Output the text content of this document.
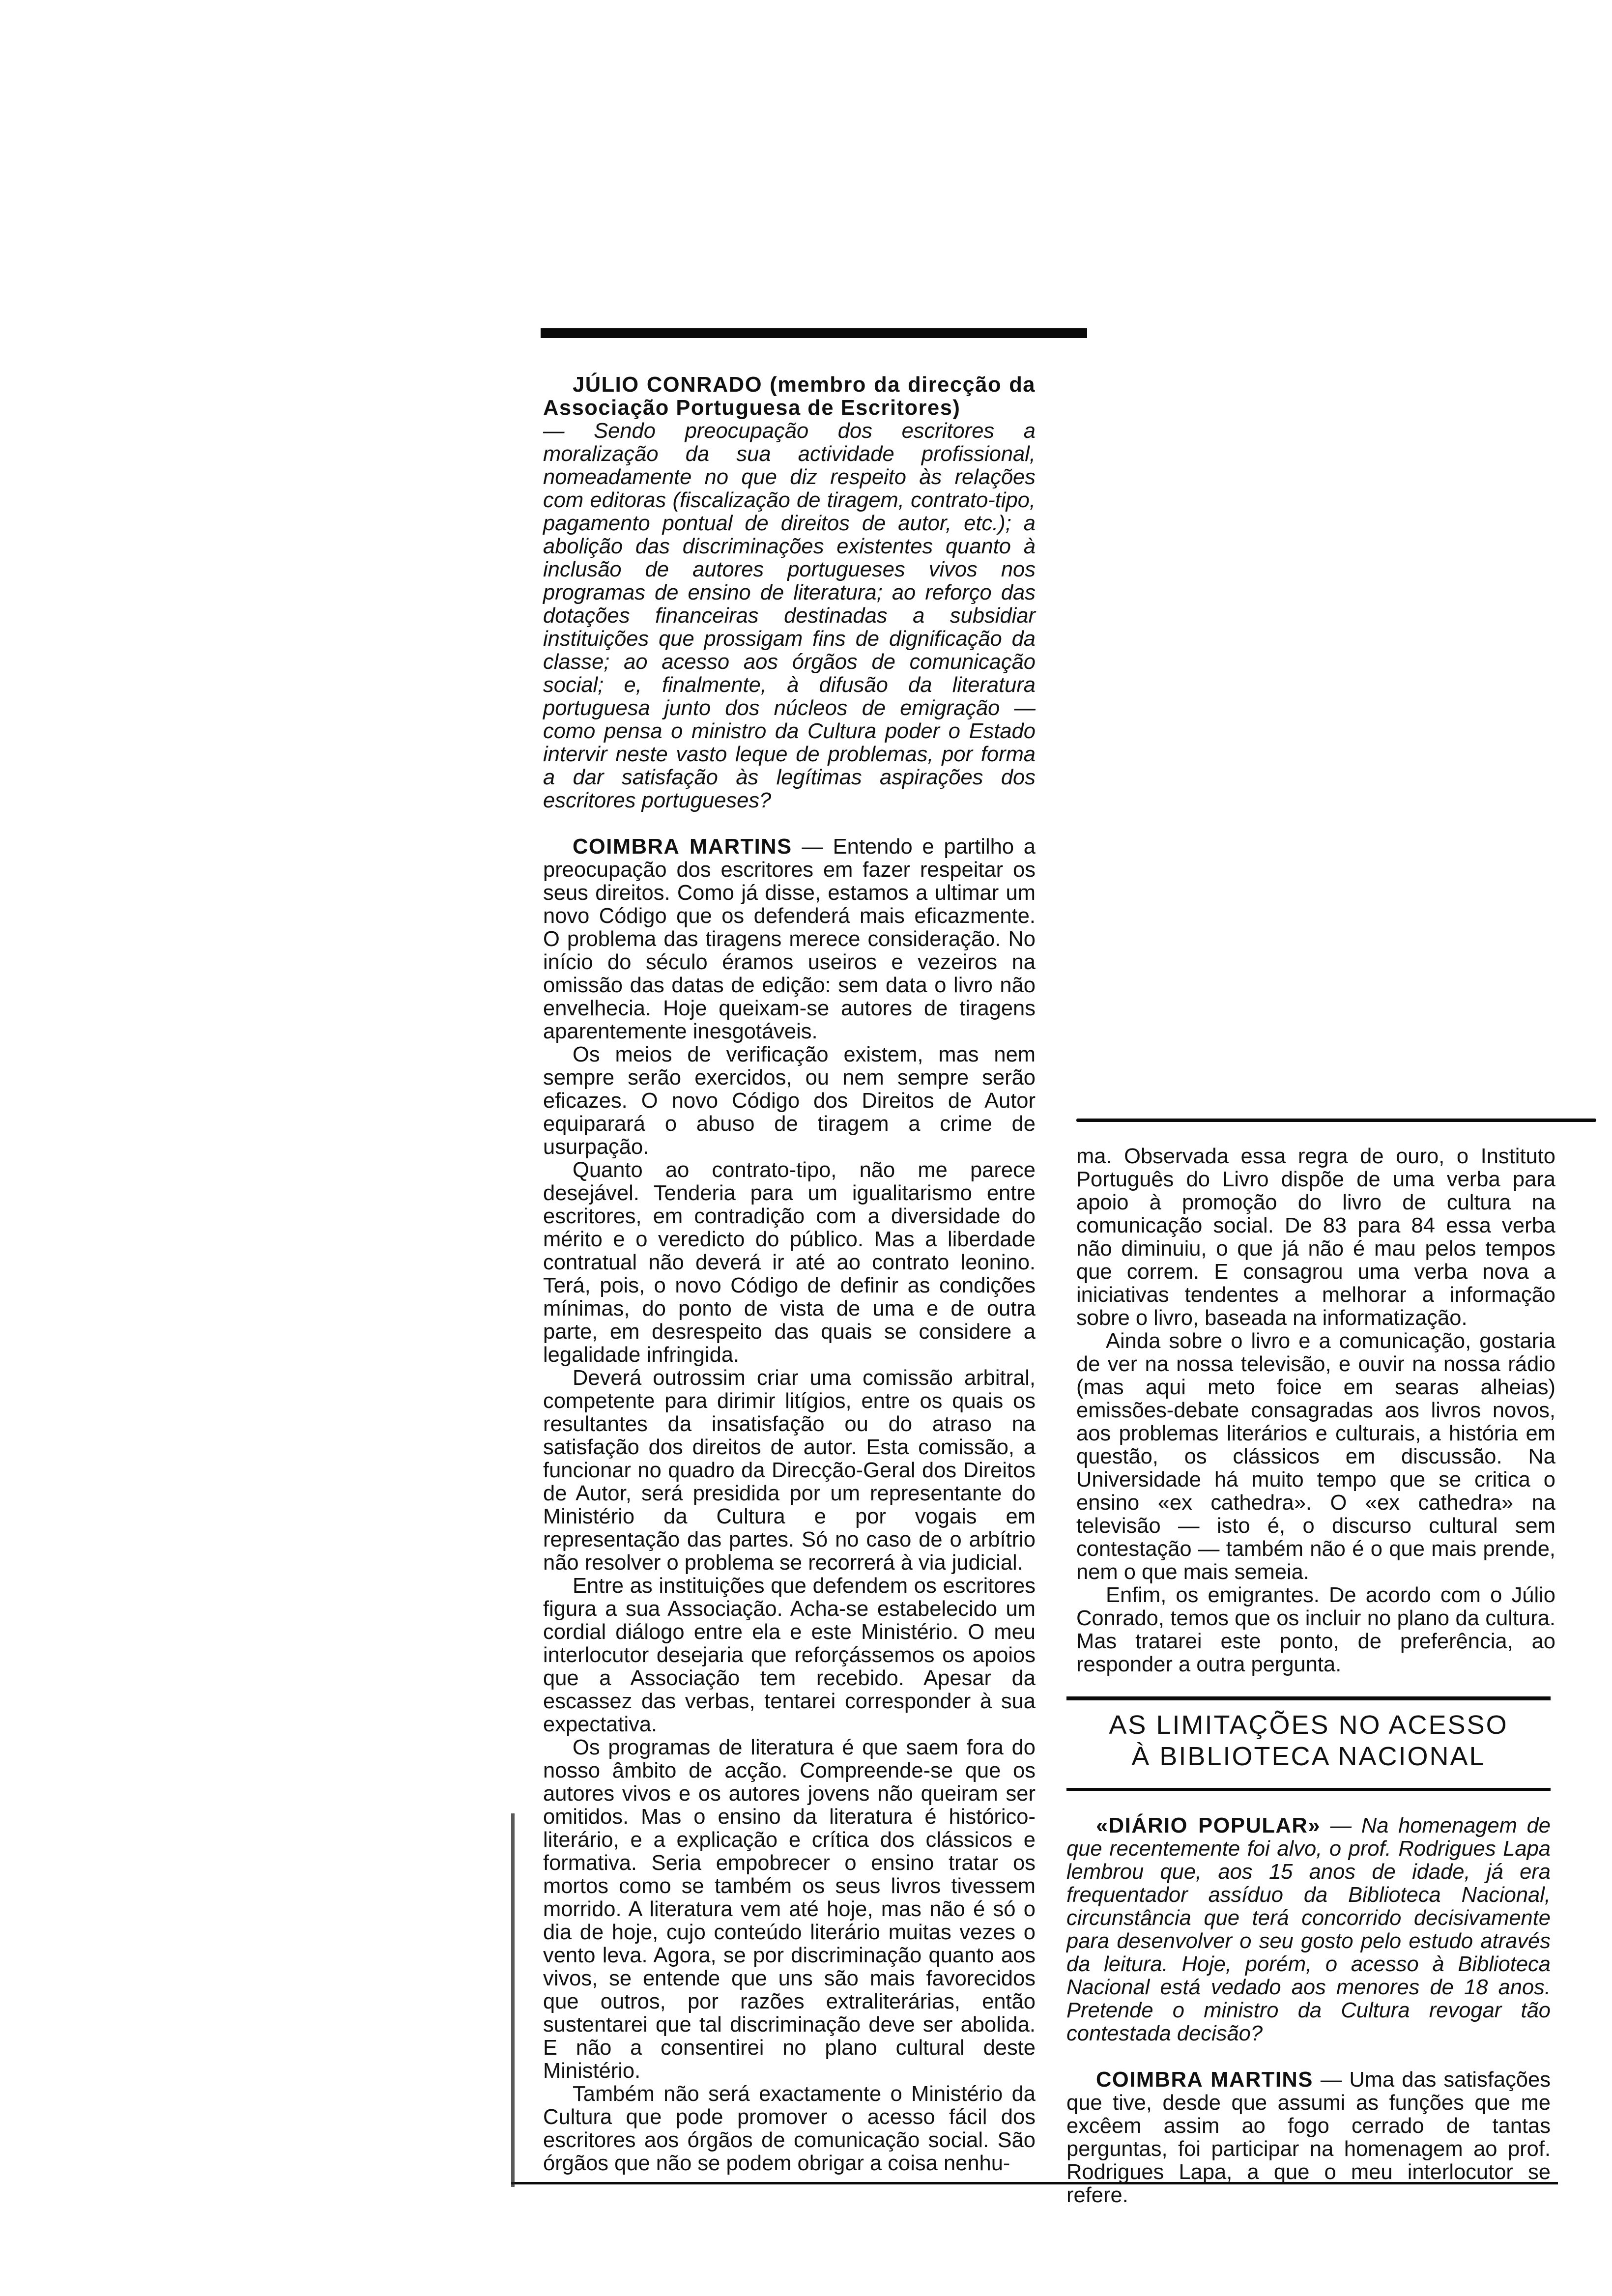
JÚLIO CONRADO (membro da direcção da Associação Portuguesa de Escritores)

— Sendo preocupação dos escritores a moralização da sua actividade profissional, nomeadamente no que diz respeito às relações com editoras (fiscalização de tiragem, contrato-tipo, pagamento pontual de direitos de autor, etc.); a abolição das discriminações existentes quanto à inclusão de autores portugueses vivos nos programas de ensino de literatura; ao reforço das dotações financeiras destinadas a subsidiar instituições que prossigam fins de dignificação da classe; ao acesso aos órgãos de comunicação social; e, finalmente, à difusão da literatura portuguesa junto dos núcleos de emigração — como pensa o ministro da Cultura poder o Estado intervir neste vasto leque de problemas, por forma a dar satisfação às legítimas aspirações dos escritores portugueses?

COIMBRA MARTINS — Entendo e partilho a preocupação dos escritores em fazer respeitar os seus direitos. Como já disse, estamos a ultimar um novo Código que os defenderá mais eficazmente. O problema das tiragens merece consideração. No início do século éramos useiros e vezeiros na omissão das datas de edição: sem data o livro não envelhecia. Hoje queixam-se autores de tiragens aparentemente inesgotáveis.

Os meios de verificação existem, mas nem sempre serão exercidos, ou nem sempre serão eficazes. O novo Código dos Direitos de Autor equiparará o abuso de tiragem a crime de usurpação.

Quanto ao contrato-tipo, não me parece desejável. Tenderia para um igualitarismo entre escritores, em contradição com a diversidade do mérito e o veredicto do público. Mas a liberdade contratual não deverá ir até ao contrato leonino. Terá, pois, o novo Código de definir as condições mínimas, do ponto de vista de uma e de outra parte, em desrespeito das quais se considere a legalidade infringida.

Deverá outrossim criar uma comissão arbitral, competente para dirimir litígios, entre os quais os resultantes da insatisfação ou do atraso na satisfação dos direitos de autor. Esta comissão, a funcionar no quadro da Direcção-Geral dos Direitos de Autor, será presidida por um representante do Ministério da Cultura e por vogais em representação das partes. Só no caso de o arbítrio não resolver o problema se recorrerá à via judicial.

Entre as instituições que defendem os escritores figura a sua Associação. Acha-se estabelecido um cordial diálogo entre ela e este Ministério. O meu interlocutor desejaria que reforçássemos os apoios que a Associação tem recebido. Apesar da escassez das verbas, tentarei corresponder à sua expectativa.

Os programas de literatura é que saem fora do nosso âmbito de acção. Compreende-se que os autores vivos e os autores jovens não queiram ser omitidos. Mas o ensino da literatura é histórico-literário, e a explicação e crítica dos clássicos e formativa. Seria empobrecer o ensino tratar os mortos como se também os seus livros tivessem morrido. A literatura vem até hoje, mas não é só o dia de hoje, cujo conteúdo literário muitas vezes o vento leva. Agora, se por discriminação quanto aos vivos, se entende que uns são mais favorecidos que outros, por razões extraliterárias, então sustentarei que tal discriminação deve ser abolida. E não a consentirei no plano cultural deste Ministério.

Também não será exactamente o Ministério da Cultura que pode promover o acesso fácil dos escritores aos órgãos de comunicação social. São órgãos que não se podem obrigar a coisa nenhu-

ma. Observada essa regra de ouro, o Instituto Português do Livro dispõe de uma verba para apoio à promoção do livro de cultura na comunicação social. De 83 para 84 essa verba não diminuiu, o que já não é mau pelos tempos que correm. E consagrou uma verba nova a iniciativas tendentes a melhorar a informação sobre o livro, baseada na informatização.

Ainda sobre o livro e a comunicação, gostaria de ver na nossa televisão, e ouvir na nossa rádio (mas aqui meto foice em searas alheias) emissões-debate consagradas aos livros novos, aos problemas literários e culturais, a história em questão, os clássicos em discussão. Na Universidade há muito tempo que se critica o ensino «ex cathedra». O «ex cathedra» na televisão — isto é, o discurso cultural sem contestação — também não é o que mais prende, nem o que mais semeia.

Enfim, os emigrantes. De acordo com o Júlio Conrado, temos que os incluir no plano da cultura. Mas tratarei este ponto, de preferência, ao responder a outra pergunta.

AS LIMITAÇÕES NO ACESSO
À BIBLIOTECA NACIONAL

«DIÁRIO POPULAR» — Na homenagem de que recentemente foi alvo, o prof. Rodrigues Lapa lembrou que, aos 15 anos de idade, já era frequentador assíduo da Biblioteca Nacional, circunstância que terá concorrido decisivamente para desenvolver o seu gosto pelo estudo através da leitura. Hoje, porém, o acesso à Biblioteca Nacional está vedado aos menores de 18 anos. Pretende o ministro da Cultura revogar tão contestada decisão?

COIMBRA MARTINS — Uma das satisfações que tive, desde que assumi as funções que me excêem assim ao fogo cerrado de tantas perguntas, foi participar na homenagem ao prof. Rodrigues Lapa, a que o meu interlocutor se refere.
